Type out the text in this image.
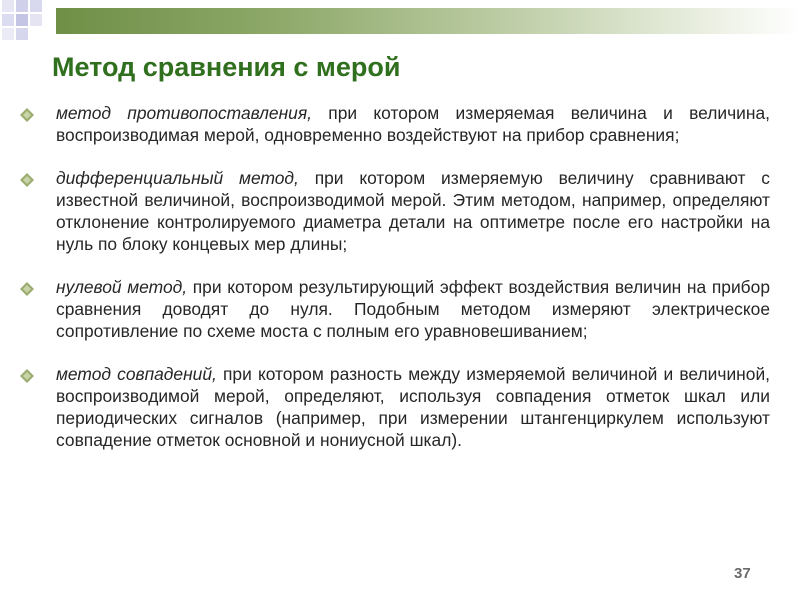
Метод сравнения с мерой

метод противопоставления, при котором измеряемая величина и величина, воспроизводимая мерой, одновременно воздействуют на прибор сравнения;

дифференциальный метод, при котором измеряемую величину сравнивают с известной величиной, воспроизводимой мерой. Этим методом, например, определяют отклонение контролируемого диаметра детали на оптиметре после его настройки на нуль по блоку концевых мер длины;

нулевой метод, при котором результирующий эффект воздействия величин на прибор сравнения доводят до нуля. Подобным методом измеряют электрическое сопротивление по схеме моста с полным его уравновешиванием;

метод совпадений, при котором разность между измеряемой величиной и величиной, воспроизводимой мерой, определяют, используя совпадения отметок шкал или периодических сигналов (например, при измерении штангенциркулем используют совпадение отметок основной и нониусной шкал).

37
